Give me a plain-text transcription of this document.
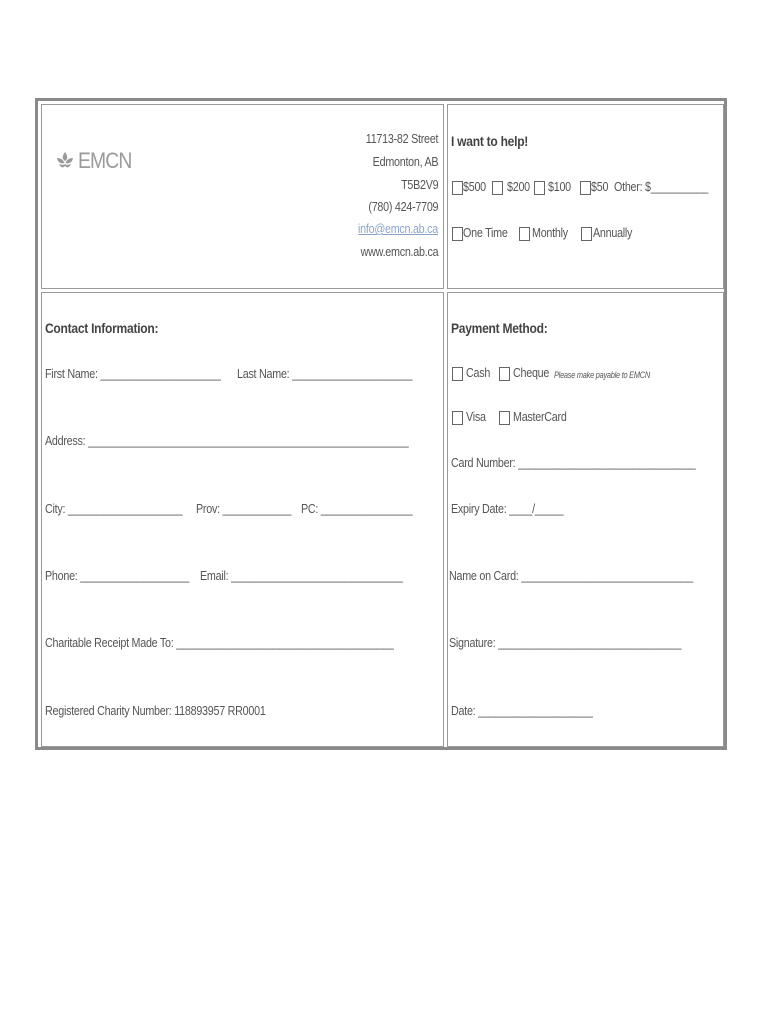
EMCN
11713-82 Street
Edmonton, AB
T5B2V9
(780) 424-7709
info@emcn.ab.ca
www.emcn.ab.ca
I want to help!
$500 $200 $100 $50 Other: $__________
One Time Monthly Annually
Contact Information:
First Name: _____________________ Last Name: _____________________
Address: ________________________________________________________
City: ____________________ Prov: ____________ PC: ________________
Phone: ___________________ Email: ______________________________
Charitable Receipt Made To: ______________________________________
Registered Charity Number: 118893957 RR0001
Payment Method:
Cash Cheque Please make payable to EMCN
Visa MasterCard
Card Number: _______________________________
Expiry Date: ____/_____
Name on Card: ______________________________
Signature: ________________________________
Date: ____________________
